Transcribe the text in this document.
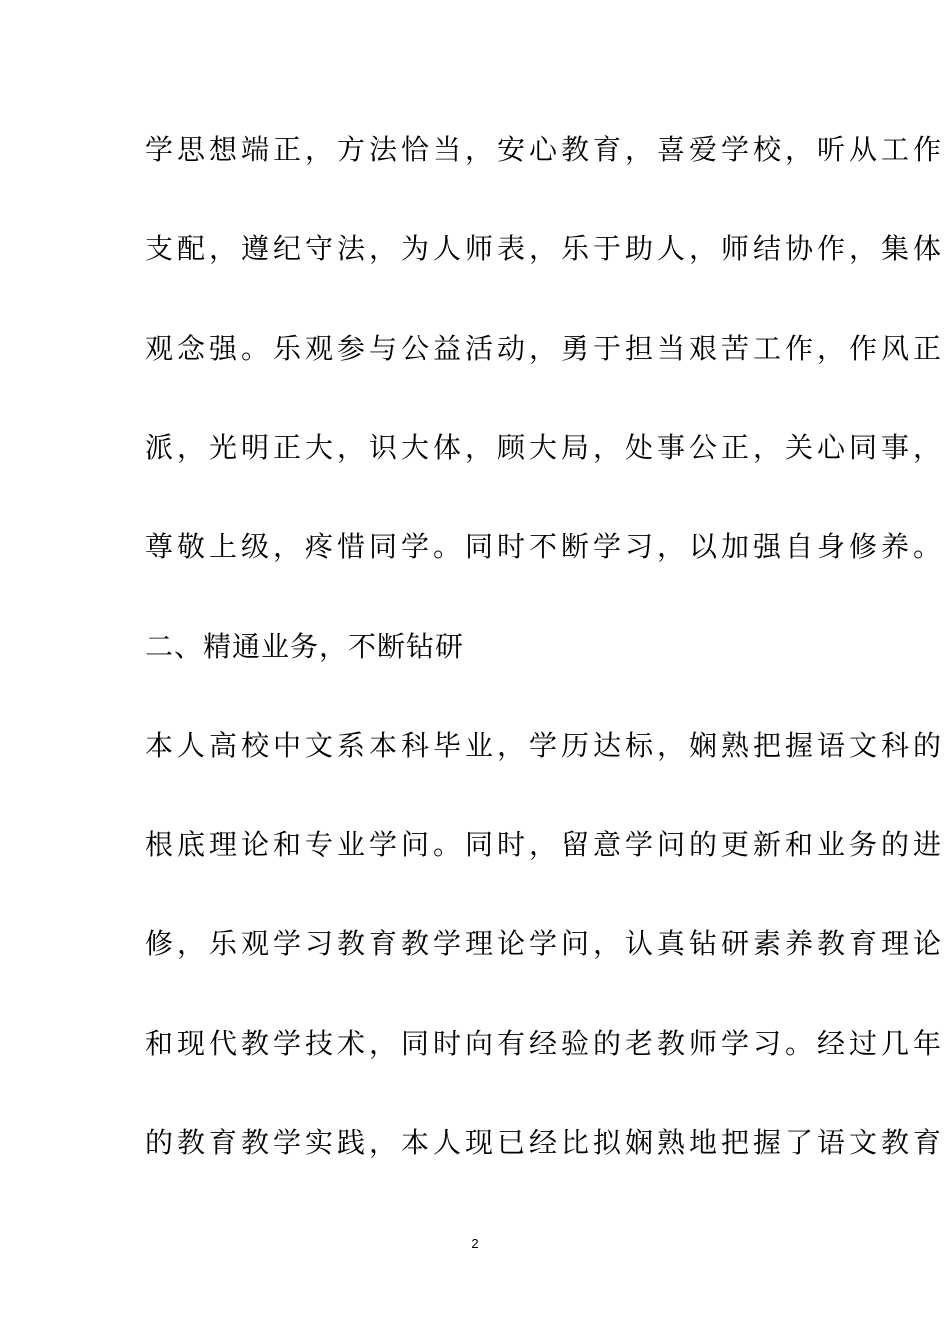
学思想端正，方法恰当，安心教育，喜爱学校，听从工作
支配，遵纪守法，为人师表，乐于助人，师结协作，集体
观念强。乐观参与公益活动，勇于担当艰苦工作，作风正
派，光明正大，识大体，顾大局，处事公正，关心同事，
尊敬上级，疼惜同学。同时不断学习，以加强自身修养。
二、精通业务，不断钻研
本人高校中文系本科毕业，学历达标，娴熟把握语文科的
根底理论和专业学问。同时，留意学问的更新和业务的进
修，乐观学习教育教学理论学问，认真钻研素养教育理论
和现代教学技术，同时向有经验的老教师学习。经过几年
的教育教学实践，本人现已经比拟娴熟地把握了语文教育
2
